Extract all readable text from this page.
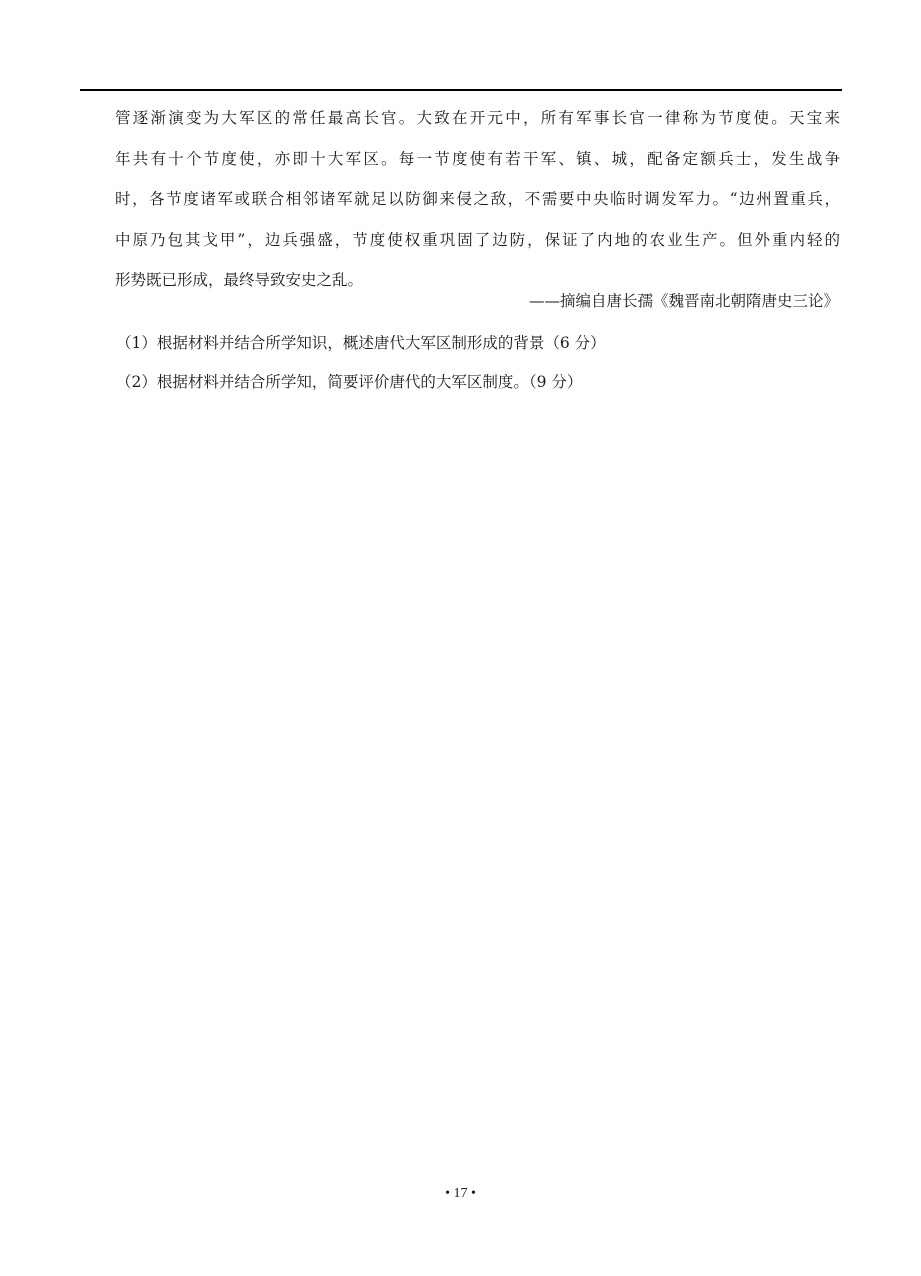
管逐渐演变为大军区的常任最高长官。大致在开元中，所有军事长官一律称为节度使。天宝来
年共有十个节度使，亦即十大军区。每一节度使有若干军、镇、城，配备定额兵士，发生战争
时，各节度诸军或联合相邻诸军就足以防御来侵之敌，不需要中央临时调发军力。“边州置重兵，
中原乃包其戈甲”，边兵强盛，节度使权重巩固了边防，保证了内地的农业生产。但外重内轻的
形势既已形成，最终导致安史之乱。
——摘编自唐长孺《魏晋南北朝隋唐史三论》
（1）根据材料并结合所学知识，概述唐代大军区制形成的背景（6 分）
（2）根据材料并结合所学知，简要评价唐代的大军区制度。（9 分）
• 17 •
